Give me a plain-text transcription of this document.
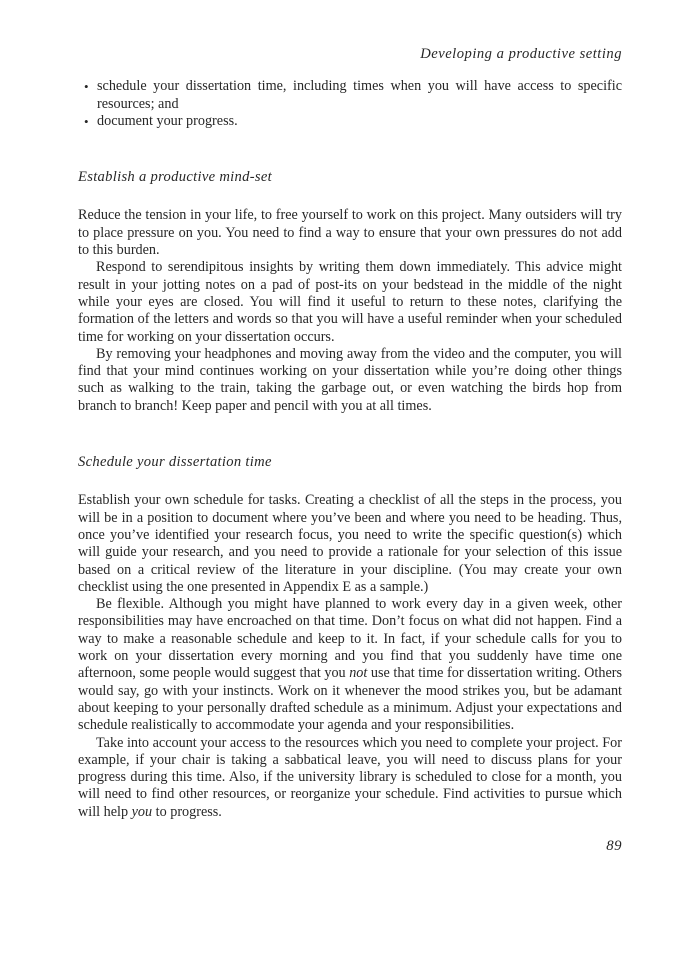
Developing a productive setting
• schedule your dissertation time, including times when you will have access to specific resources; and
• document your progress.
Establish a productive mind-set

Reduce the tension in your life, to free yourself to work on this project. Many outsiders will try to place pressure on you. You need to find a way to ensure that your own pressures do not add to this burden.

Respond to serendipitous insights by writing them down immediately. This advice might result in your jotting notes on a pad of post-its on your bedstead in the middle of the night while your eyes are closed. You will find it useful to return to these notes, clarifying the formation of the letters and words so that you will have a useful reminder when your scheduled time for working on your dissertation occurs.

By removing your headphones and moving away from the video and the computer, you will find that your mind continues working on your dissertation while you’re doing other things such as walking to the train, taking the garbage out, or even watching the birds hop from branch to branch! Keep paper and pencil with you at all times.

Schedule your dissertation time

Establish your own schedule for tasks. Creating a checklist of all the steps in the process, you will be in a position to document where you’ve been and where you need to be heading. Thus, once you’ve identified your research focus, you need to write the specific question(s) which will guide your research, and you need to provide a rationale for your selection of this issue based on a critical review of the literature in your discipline. (You may create your own checklist using the one presented in Appendix E as a sample.)

Be flexible. Although you might have planned to work every day in a given week, other responsibilities may have encroached on that time. Don’t focus on what did not happen. Find a way to make a reasonable schedule and keep to it. In fact, if your schedule calls for you to work on your dissertation every morning and you find that you suddenly have time one afternoon, some people would suggest that you not use that time for dissertation writing. Others would say, go with your instincts. Work on it whenever the mood strikes you, but be adamant about keeping to your personally drafted schedule as a minimum. Adjust your expectations and schedule realistically to accommodate your agenda and your responsibilities.

Take into account your access to the resources which you need to complete your project. For example, if your chair is taking a sabbatical leave, you will need to discuss plans for your progress during this time. Also, if the university library is scheduled to close for a month, you will need to find other resources, or reorganize your schedule. Find activities to pursue which will help you to progress.

89
